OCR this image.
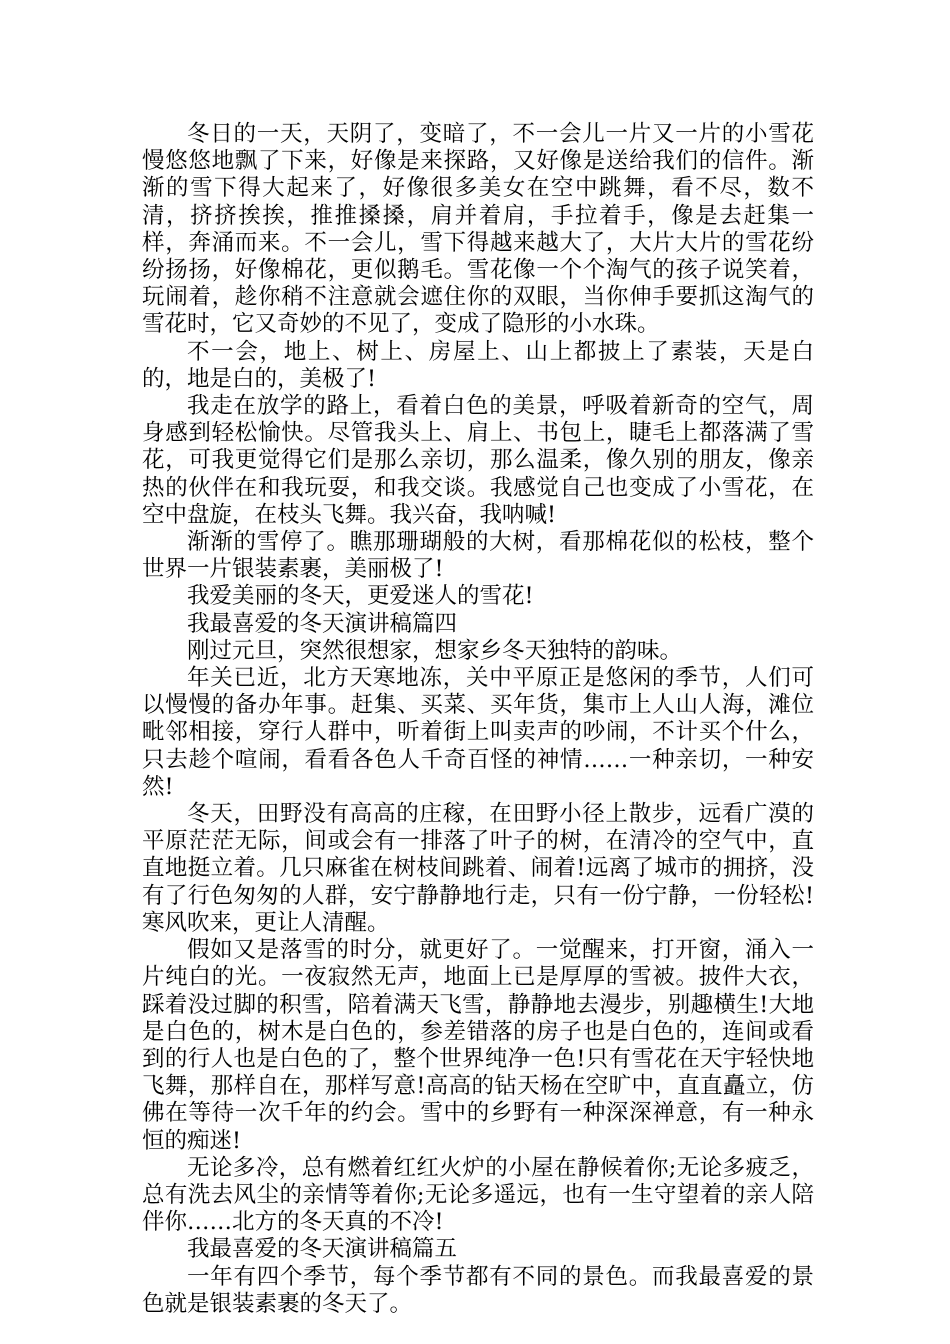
冬日的一天，天阴了，变暗了，不一会儿一片又一片的小雪花慢悠悠地飘了下来，好像是来探路，又好像是送给我们的信件。渐渐的雪下得大起来了，好像很多美女在空中跳舞，看不尽，数不清，挤挤挨挨，推推搡搡，肩并着肩，手拉着手，像是去赶集一样，奔涌而来。不一会儿，雪下得越来越大了，大片大片的雪花纷纷扬扬，好像棉花，更似鹅毛。雪花像一个个淘气的孩子说笑着，玩闹着，趁你稍不注意就会遮住你的双眼，当你伸手要抓这淘气的雪花时，它又奇妙的不见了，变成了隐形的小水珠。

不一会，地上、树上、房屋上、山上都披上了素装，天是白的，地是白的，美极了!

我走在放学的路上，看着白色的美景，呼吸着新奇的空气，周身感到轻松愉快。尽管我头上、肩上、书包上，睫毛上都落满了雪花，可我更觉得它们是那么亲切，那么温柔，像久别的朋友，像亲热的伙伴在和我玩耍，和我交谈。我感觉自己也变成了小雪花，在空中盘旋，在枝头飞舞。我兴奋，我呐喊!

渐渐的雪停了。瞧那珊瑚般的大树，看那棉花似的松枝，整个世界一片银装素裹，美丽极了!

我爱美丽的冬天，更爱迷人的雪花!

我最喜爱的冬天演讲稿篇四

刚过元旦，突然很想家，想家乡冬天独特的韵味。

年关已近，北方天寒地冻，关中平原正是悠闲的季节，人们可以慢慢的备办年事。赶集、买菜、买年货，集市上人山人海，滩位毗邻相接，穿行人群中，听着街上叫卖声的吵闹，不计买个什么，只去趁个喧闹，看看各色人千奇百怪的神情……一种亲切，一种安然!

冬天，田野没有高高的庄稼，在田野小径上散步，远看广漠的平原茫茫无际，间或会有一排落了叶子的树，在清冷的空气中，直直地挺立着。几只麻雀在树枝间跳着、闹着!远离了城市的拥挤，没有了行色匆匆的人群，安宁静静地行走，只有一份宁静，一份轻松!寒风吹来，更让人清醒。

假如又是落雪的时分，就更好了。一觉醒来，打开窗，涌入一片纯白的光。一夜寂然无声，地面上已是厚厚的雪被。披件大衣，踩着没过脚的积雪，陪着满天飞雪，静静地去漫步，别趣横生!大地是白色的，树木是白色的，参差错落的房子也是白色的，连间或看到的行人也是白色的了，整个世界纯净一色!只有雪花在天宇轻快地飞舞，那样自在，那样写意!高高的钻天杨在空旷中，直直矗立，仿佛在等待一次千年的约会。雪中的乡野有一种深深禅意，有一种永恒的痴迷!

无论多冷，总有燃着红红火炉的小屋在静候着你;无论多疲乏，总有洗去风尘的亲情等着你;无论多遥远，也有一生守望着的亲人陪伴你……北方的冬天真的不冷!

我最喜爱的冬天演讲稿篇五

一年有四个季节，每个季节都有不同的景色。而我最喜爱的景色就是银装素裹的冬天了。
